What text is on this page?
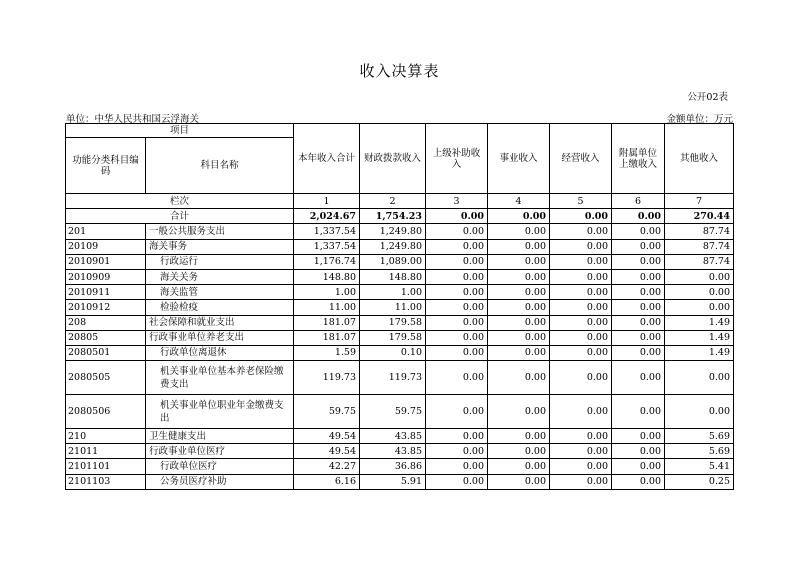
收入决算表
公开02表
单位：中华人民共和国云浮海关	金额单位：万元
项目		本年收入合计	财政拨款收入	上级补助收入	事业收入	经营收入	附属单位上缴收入	其他收入
功能分类科目编码	科目名称							

栏次		1	2	3	4	5	6	7
合计		2,024.67	1,754.23	0.00	0.00	0.00	0.00	270.44
201	一般公共服务支出	1,337.54	1,249.80	0.00	0.00	0.00	0.00	87.74
20109	海关事务	1,337.54	1,249.80	0.00	0.00	0.00	0.00	87.74
2010901	行政运行	1,176.74	1,089.00	0.00	0.00	0.00	0.00	87.74
2010909	海关关务	148.80	148.80	0.00	0.00	0.00	0.00	0.00
2010911	海关监管	1.00	1.00	0.00	0.00	0.00	0.00	0.00
2010912	检验检疫	11.00	11.00	0.00	0.00	0.00	0.00	0.00
208	社会保障和就业支出	181.07	179.58	0.00	0.00	0.00	0.00	1.49
20805	行政事业单位养老支出	181.07	179.58	0.00	0.00	0.00	0.00	1.49
2080501	行政单位离退休	1.59	0.10	0.00	0.00	0.00	0.00	1.49
2080505	机关事业单位基本养老保险缴费支出	119.73	119.73	0.00	0.00	0.00	0.00	0.00
2080506	机关事业单位职业年金缴费支出	59.75	59.75	0.00	0.00	0.00	0.00	0.00
210	卫生健康支出	49.54	43.85	0.00	0.00	0.00	0.00	5.69
21011	行政事业单位医疗	49.54	43.85	0.00	0.00	0.00	0.00	5.69
2101101	行政单位医疗	42.27	36.86	0.00	0.00	0.00	0.00	5.41
2101103	公务员医疗补助	6.16	5.91	0.00	0.00	0.00	0.00	0.25
